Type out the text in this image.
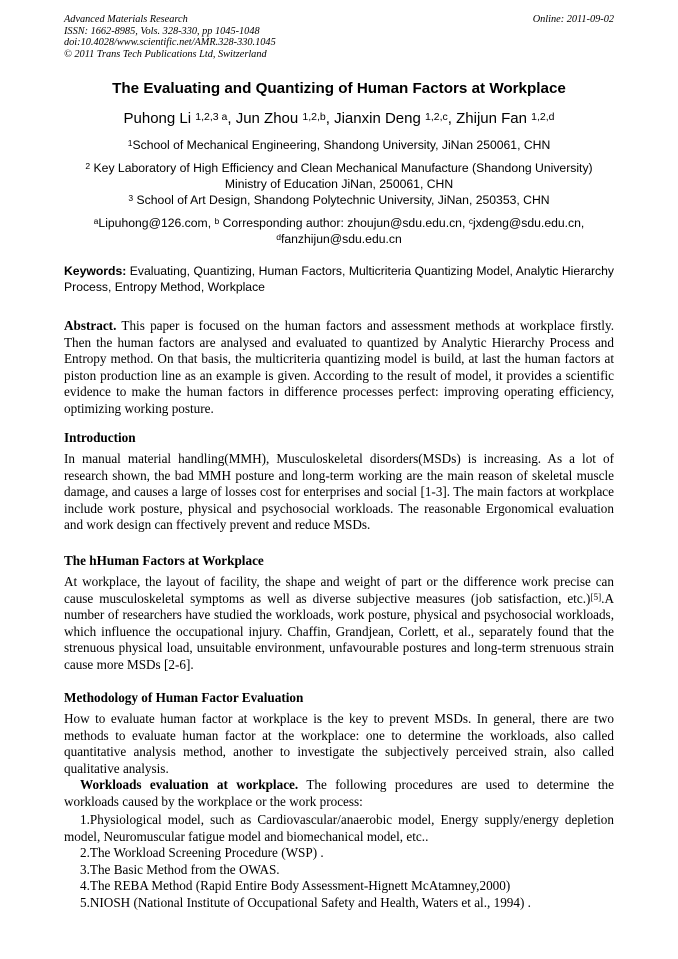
Advanced Materials Research
ISSN: 1662-8985, Vols. 328-330, pp 1045-1048
doi:10.4028/www.scientific.net/AMR.328-330.1045
© 2011 Trans Tech Publications Ltd, Switzerland
Online: 2011-09-02
The Evaluating and Quantizing of Human Factors at Workplace
Puhong Li $^{1,2,3 a}$, Jun Zhou $^{1,2,b}$, Jianxin Deng $^{1,2,c}$, Zhijun Fan $^{1,2,d}$
$^1$School of Mechanical Engineering, Shandong University, JiNan 250061, CHN
$^2$ Key Laboratory of High Efficiency and Clean Mechanical Manufacture (Shandong University)
Ministry of Education JiNan, 250061, CHN
$^3$ School of Art Design, Shandong Polytechnic University, JiNan, 250353, CHN
$^a$Lipuhong@126.com, $^b$ Corresponding author: zhoujun@sdu.edu.cn, $^c$jxdeng@sdu.edu.cn,
$^d$fanzhijun@sdu.edu.cn
Keywords: Evaluating, Quantizing, Human Factors, Multicriteria Quantizing Model, Analytic Hierarchy Process, Entropy Method, Workplace
Abstract. This paper is focused on the human factors and assessment methods at workplace firstly. Then the human factors are analysed and evaluated to quantized by Analytic Hierarchy Process and Entropy method. On that basis, the multicriteria quantizing model is build, at last the human factors at piston production line as an example is given. According to the result of model, it provides a scientific evidence to make the human factors in difference processes perfect: improving operating efficiency, optimizing working posture.
Introduction
In manual material handling(MMH), Musculoskeletal disorders(MSDs) is increasing. As a lot of research shown, the bad MMH posture and long-term working are the main reason of skeletal muscle damage, and causes a large of losses cost for enterprises and social [1-3]. The main factors at workplace include work posture, physical and psychosocial workloads. The reasonable Ergonomical evaluation and work design can ffectively prevent and reduce MSDs.
The hHuman Factors at Workplace
At workplace, the layout of facility, the shape and weight of part or the difference work precise can cause musculoskeletal symptoms as well as diverse subjective measures (job satisfaction, etc.)[5].A number of researchers have studied the workloads, work posture, physical and psychosocial workloads, which influence the occupational injury. Chaffin, Grandjean, Corlett, et al., separately found that the strenuous physical load, unsuitable environment, unfavourable postures and long-term strenuous strain cause more MSDs [2-6].
Methodology of Human Factor Evaluation
How to evaluate human factor at workplace is the key to prevent MSDs. In general, there are two methods to evaluate human factor at the workplace: one to determine the workloads, also called quantitative analysis method, another to investigate the subjectively perceived strain, also called qualitative analysis.
Workloads evaluation at workplace. The following procedures are used to determine the workloads caused by the workplace or the work process:
1.Physiological model, such as Cardiovascular/anaerobic model, Energy supply/energy depletion model, Neuromuscular fatigue model and biomechanical model, etc..
2.The Workload Screening Procedure (WSP) .
3.The Basic Method from the OWAS.
4.The REBA Method (Rapid Entire Body Assessment-Hignett McAtamney,2000)
5.NIOSH (National Institute of Occupational Safety and Health, Waters et al., 1994) .
